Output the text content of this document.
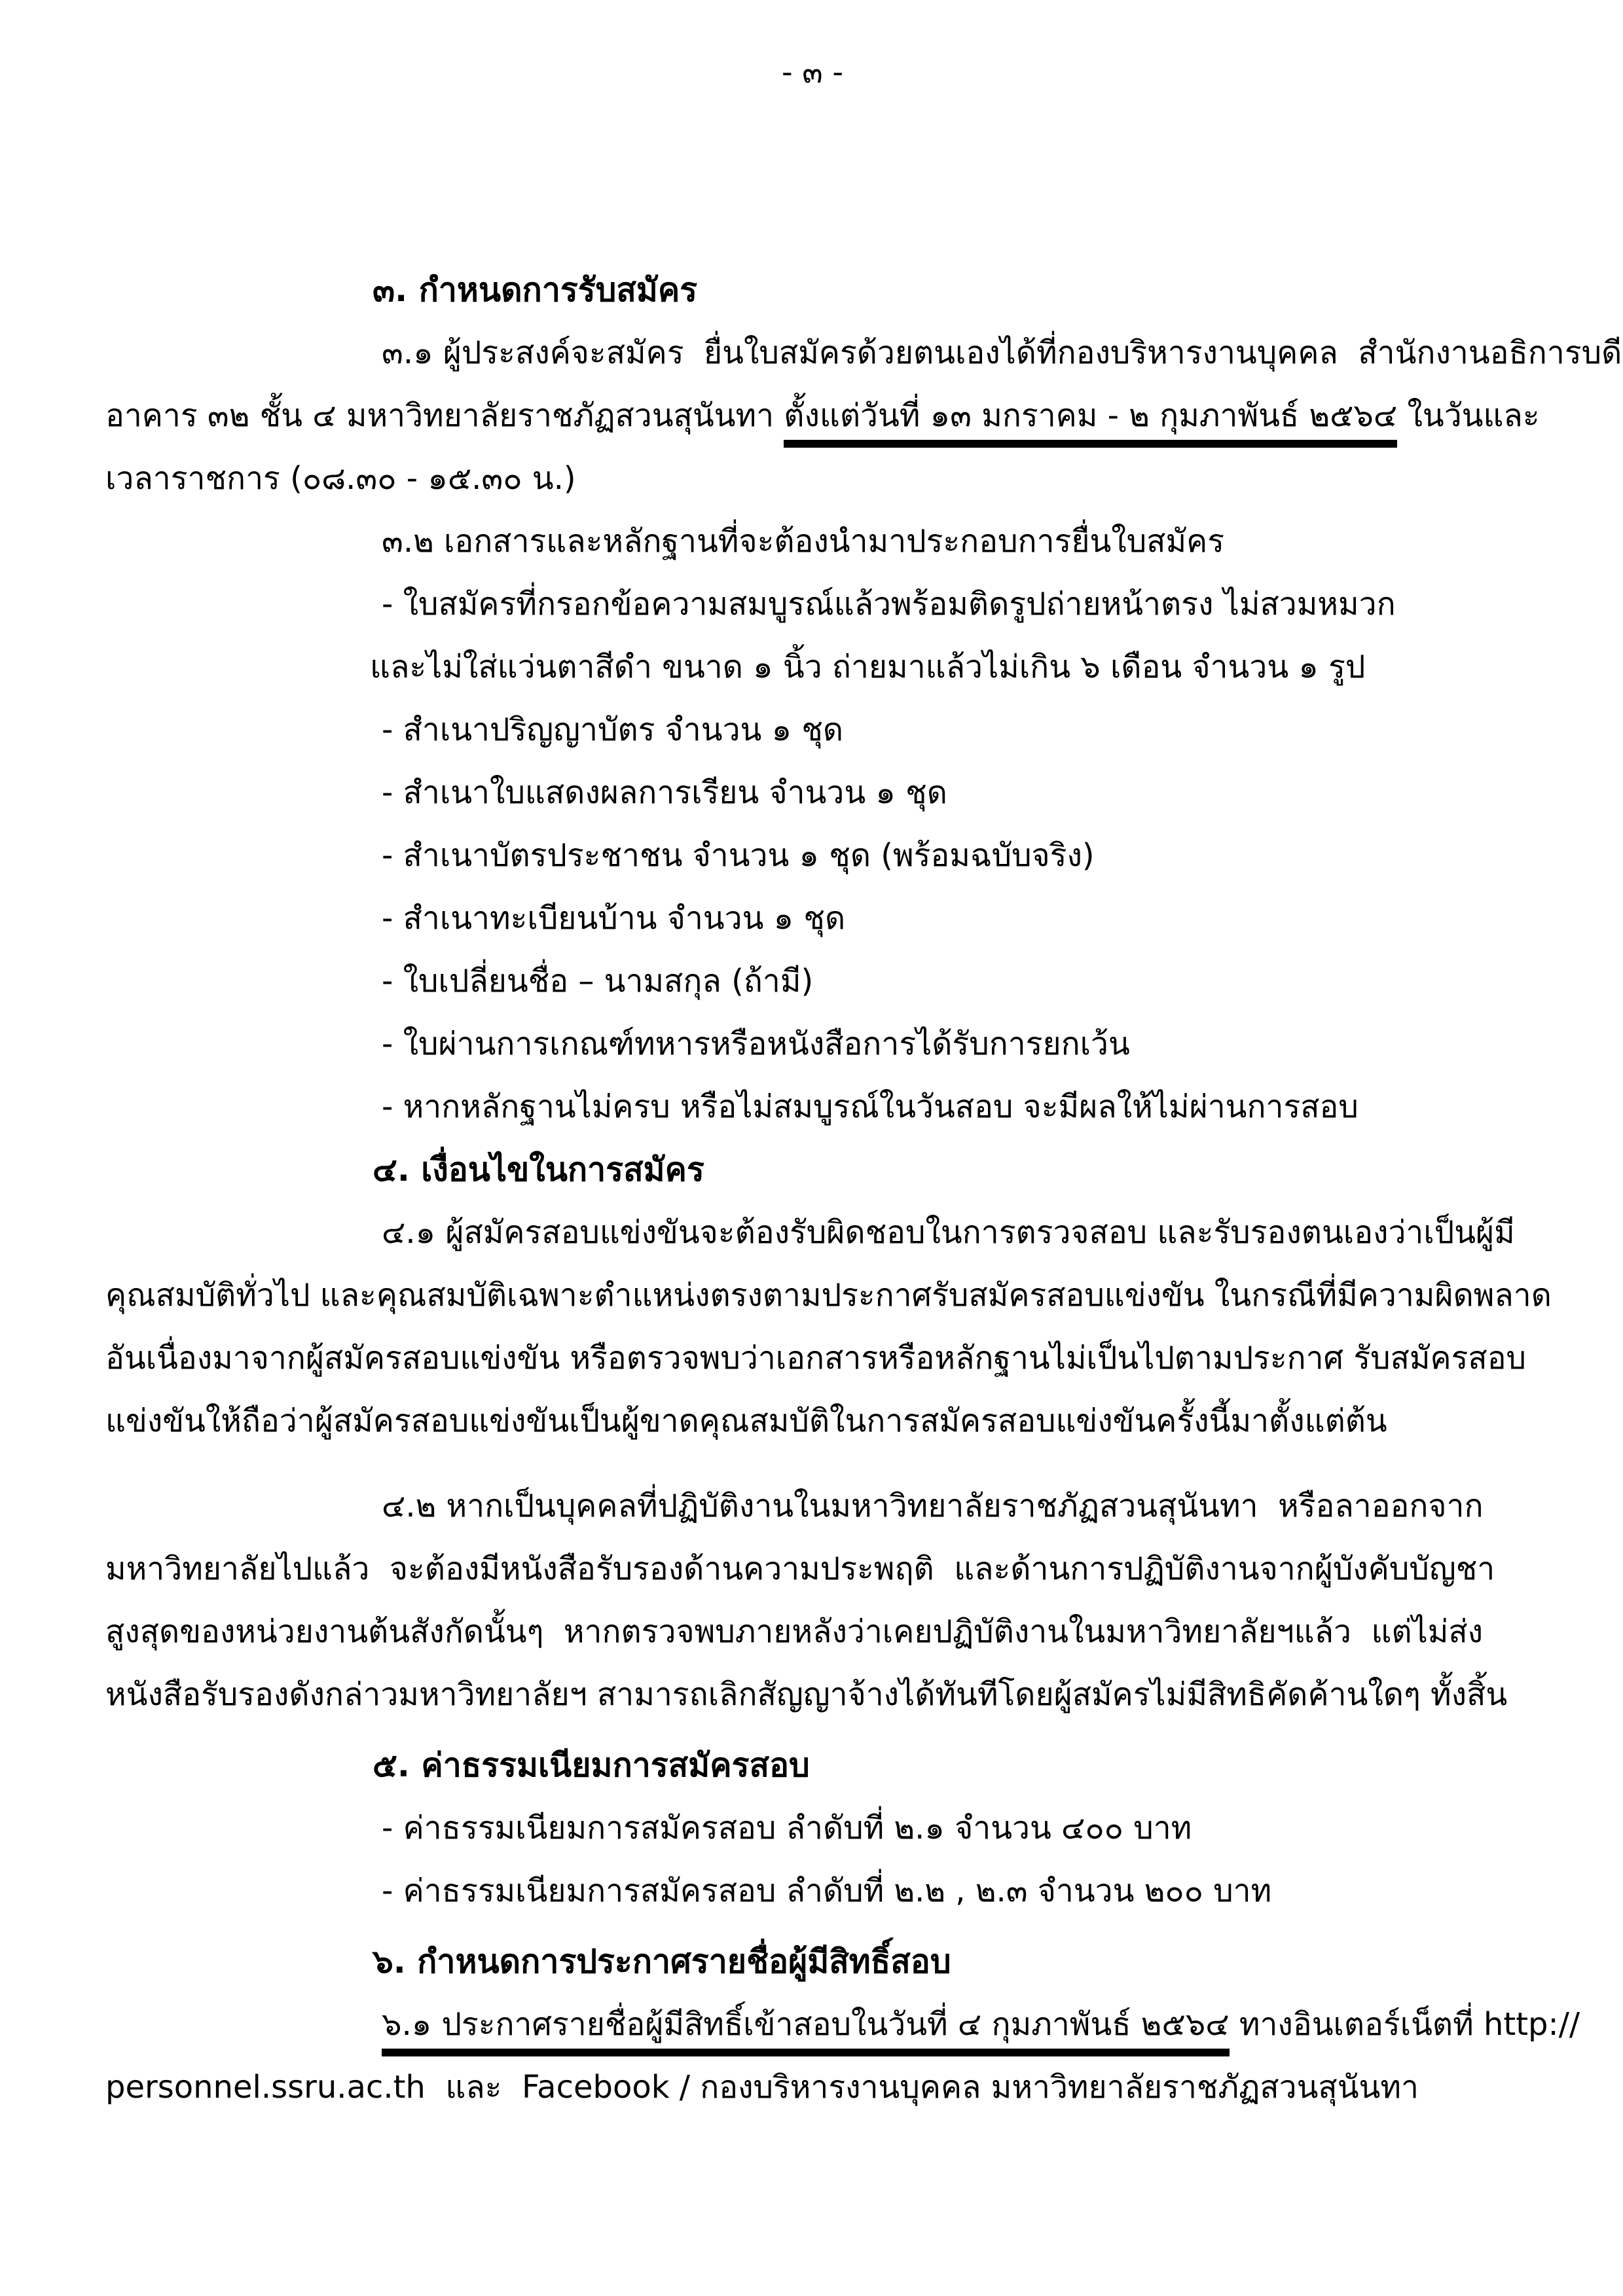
- ๓ -
๓. กำหนดการรับสมัคร
๓.๑ ผู้ประสงค์จะสมัคร  ยื่นใบสมัครด้วยตนเองได้ที่กองบริหารงานบุคคล  สำนักงานอธิการบดี
อาคาร ๓๒ ชั้น ๔ มหาวิทยาลัยราชภัฏสวนสุนันทา ตั้งแต่วันที่ ๑๓ มกราคม - ๒ กุมภาพันธ์ ๒๕๖๔ ในวันและ
เวลาราชการ (๐๘.๓๐ - ๑๕.๓๐ น.)
๓.๒ เอกสารและหลักฐานที่จะต้องนำมาประกอบการยื่นใบสมัคร
- ใบสมัครที่กรอกข้อความสมบูรณ์แล้วพร้อมติดรูปถ่ายหน้าตรง ไม่สวมหมวก
และไม่ใส่แว่นตาสีดำ ขนาด ๑ นิ้ว ถ่ายมาแล้วไม่เกิน ๖ เดือน จำนวน ๑ รูป
- สำเนาปริญญาบัตร จำนวน ๑ ชุด
- สำเนาใบแสดงผลการเรียน จำนวน ๑ ชุด
- สำเนาบัตรประชาชน จำนวน ๑ ชุด (พร้อมฉบับจริง)
- สำเนาทะเบียนบ้าน จำนวน ๑ ชุด
- ใบเปลี่ยนชื่อ – นามสกุล (ถ้ามี)
- ใบผ่านการเกณฑ์ทหารหรือหนังสือการได้รับการยกเว้น
- หากหลักฐานไม่ครบ หรือไม่สมบูรณ์ในวันสอบ จะมีผลให้ไม่ผ่านการสอบ
๔. เงื่อนไขในการสมัคร
๔.๑ ผู้สมัครสอบแข่งขันจะต้องรับผิดชอบในการตรวจสอบ และรับรองตนเองว่าเป็นผู้มี
คุณสมบัติทั่วไป และคุณสมบัติเฉพาะตำแหน่งตรงตามประกาศรับสมัครสอบแข่งขัน ในกรณีที่มีความผิดพลาด
อันเนื่องมาจากผู้สมัครสอบแข่งขัน หรือตรวจพบว่าเอกสารหรือหลักฐานไม่เป็นไปตามประกาศ รับสมัครสอบ
แข่งขันให้ถือว่าผู้สมัครสอบแข่งขันเป็นผู้ขาดคุณสมบัติในการสมัครสอบแข่งขันครั้งนี้มาตั้งแต่ต้น
๔.๒ หากเป็นบุคคลที่ปฏิบัติงานในมหาวิทยาลัยราชภัฏสวนสุนันทา  หรือลาออกจาก
มหาวิทยาลัยไปแล้ว  จะต้องมีหนังสือรับรองด้านความประพฤติ  และด้านการปฏิบัติงานจากผู้บังคับบัญชา
สูงสุดของหน่วยงานต้นสังกัดนั้นๆ  หากตรวจพบภายหลังว่าเคยปฏิบัติงานในมหาวิทยาลัยฯแล้ว  แต่ไม่ส่ง
หนังสือรับรองดังกล่าวมหาวิทยาลัยฯ สามารถเลิกสัญญาจ้างได้ทันทีโดยผู้สมัครไม่มีสิทธิคัดค้านใดๆ ทั้งสิ้น
๕. ค่าธรรมเนียมการสมัครสอบ
- ค่าธรรมเนียมการสมัครสอบ ลำดับที่ ๒.๑ จำนวน ๔๐๐ บาท
- ค่าธรรมเนียมการสมัครสอบ ลำดับที่ ๒.๒ , ๒.๓ จำนวน ๒๐๐ บาท
๖. กำหนดการประกาศรายชื่อผู้มีสิทธิ์สอบ
๖.๑ ประกาศรายชื่อผู้มีสิทธิ์เข้าสอบในวันที่ ๔ กุมภาพันธ์ ๒๕๖๔ ทางอินเตอร์เน็ตที่ http://
personnel.ssru.ac.th  และ  Facebook / กองบริหารงานบุคคล มหาวิทยาลัยราชภัฏสวนสุนันทา
